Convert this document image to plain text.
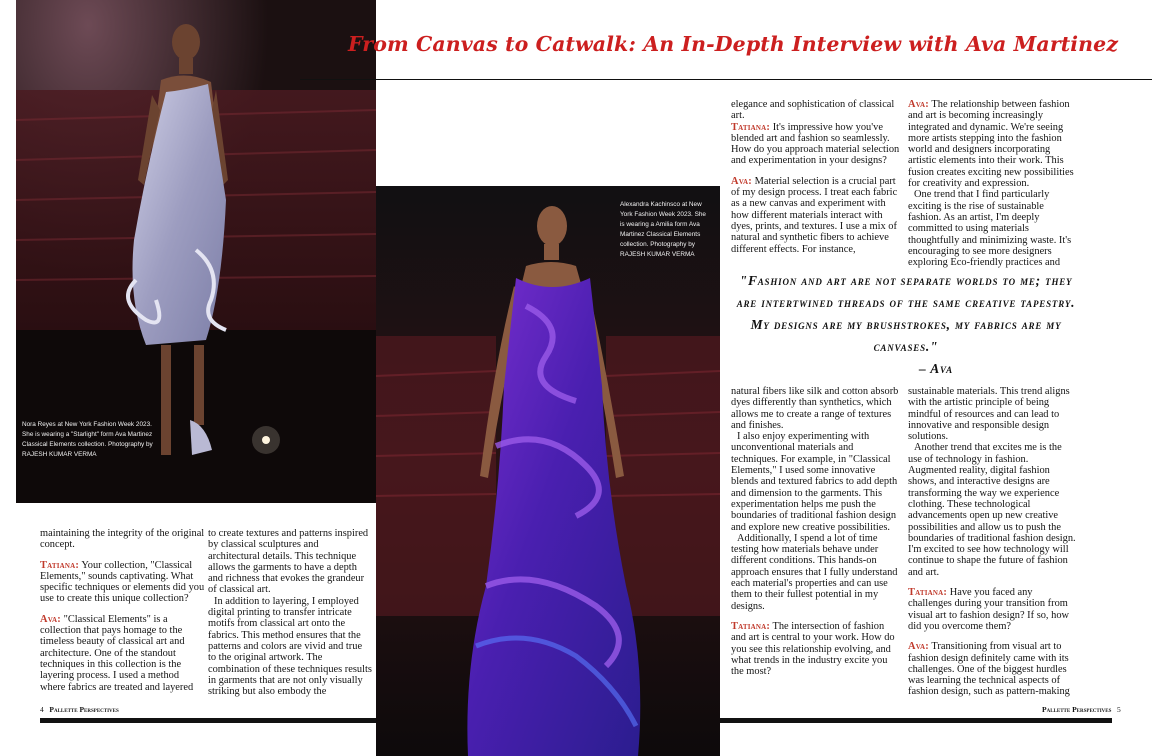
Nora Reyes at New York Fashion Week 2023.
She is wearing a "Starlight" form Ava Martinez
Classical Elements collection. Photography by
RAJESH KUMAR VERMA

Alexandra Kachinsco at New
York Fashion Week 2023. She
is wearing a Amilia form Ava
Martinez Classical Elements
collection. Photography by
RAJESH KUMAR VERMA

From Canvas to Catwalk: An In-Depth Interview with Ava Martinez

maintaining the integrity of the original concept.

Tatiana: Your collection, "Classical Elements," sounds captivating. What specific techniques or elements did you use to create this unique collection?

Ava: "Classical Elements" is a collection that pays homage to the timeless beauty of classical art and architecture. One of the standout techniques in this collection is the layering process. I used a method where fabrics are treated and layered

to create textures and patterns inspired by classical sculptures and architectural details. This technique allows the garments to have a depth and richness that evokes the grandeur of classical art.

In addition to layering, I employed digital printing to transfer intricate motifs from classical art onto the fabrics. This method ensures that the patterns and colors are vivid and true to the original artwork. The combination of these techniques results in garments that are not only visually striking but also embody the

elegance and sophistication of classical art.

Tatiana: It's impressive how you've blended art and fashion so seamlessly. How do you approach material selection and experimentation in your designs?

Ava: Material selection is a crucial part of my design process. I treat each fabric as a new canvas and experiment with how different materials interact with dyes, prints, and textures. I use a mix of natural and synthetic fibers to achieve different effects. For instance,

Ava: The relationship between fashion and art is becoming increasingly integrated and dynamic. We're seeing more artists stepping into the fashion world and designers incorporating artistic elements into their work. This fusion creates exciting new possibilities for creativity and expression.

One trend that I find particularly exciting is the rise of sustainable fashion. As an artist, I'm deeply committed to using materials thoughtfully and minimizing waste. It's encouraging to see more designers exploring Eco-friendly practices and

"Fashion and art are not separate worlds to me; they are intertwined threads of the same creative tapestry. My designs are my brushstrokes, my fabrics are my canvases."
– Ava

natural fibers like silk and cotton absorb dyes differently than synthetics, which allows me to create a range of textures and finishes.

I also enjoy experimenting with unconventional materials and techniques. For example, in "Classical Elements," I used some innovative blends and textured fabrics to add depth and dimension to the garments. This experimentation helps me push the boundaries of traditional fashion design and explore new creative possibilities.

Additionally, I spend a lot of time testing how materials behave under different conditions. This hands-on approach ensures that I fully understand each material's properties and can use them to their fullest potential in my designs.

Tatiana: The intersection of fashion and art is central to your work. How do you see this relationship evolving, and what trends in the industry excite you the most?

sustainable materials. This trend aligns with the artistic principle of being mindful of resources and can lead to innovative and responsible design solutions.

Another trend that excites me is the use of technology in fashion. Augmented reality, digital fashion shows, and interactive designs are transforming the way we experience clothing. These technological advancements open up new creative possibilities and allow us to push the boundaries of traditional fashion design. I'm excited to see how technology will continue to shape the future of fashion and art.

Tatiana: Have you faced any challenges during your transition from visual art to fashion design? If so, how did you overcome them?

Ava: Transitioning from visual art to fashion design definitely came with its challenges. One of the biggest hurdles was learning the technical aspects of fashion design, such as pattern-making

4 Pallette Perspectives	Pallette Perspectives 5
